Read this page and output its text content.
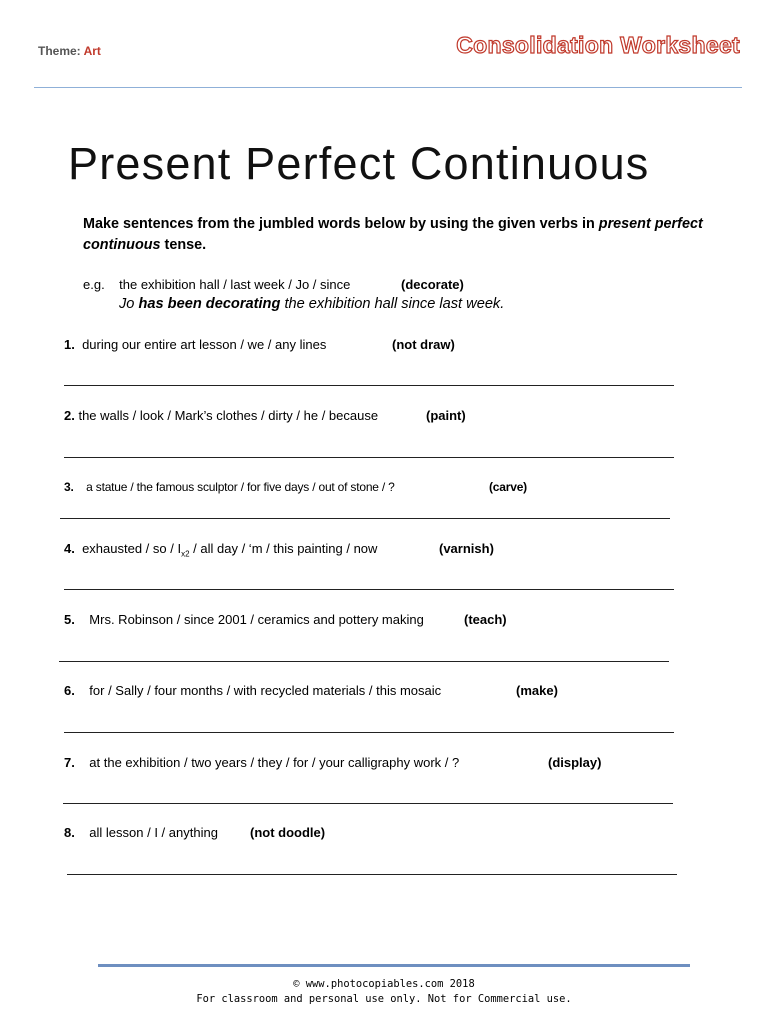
Theme: Art	Consolidation Worksheet
Present Perfect Continuous
Make sentences from the jumbled words below by using the given verbs in present perfect continuous tense.
e.g. the exhibition hall / last week / Jo / since	(decorate)
Jo has been decorating the exhibition hall since last week.
1. during our entire art lesson / we / any lines	(not draw)
2. the walls / look / Mark’s clothes / dirty / he / because	(paint)
3. a statue / the famous sculptor / for five days / out of stone / ?	(carve)
4. exhausted / so / $I_{x2}$ / all day / ‘m / this painting / now	(varnish)
5. Mrs. Robinson / since 2001 / ceramics and pottery making	(teach)
6. for / Sally / four months / with recycled materials / this mosaic	(make)
7. at the exhibition / two years / they / for / your calligraphy work / ?	(display)
8. all lesson / I / anything (not doodle)
© www.photocopiables.com 2018
For classroom and personal use only. Not for Commercial use.
